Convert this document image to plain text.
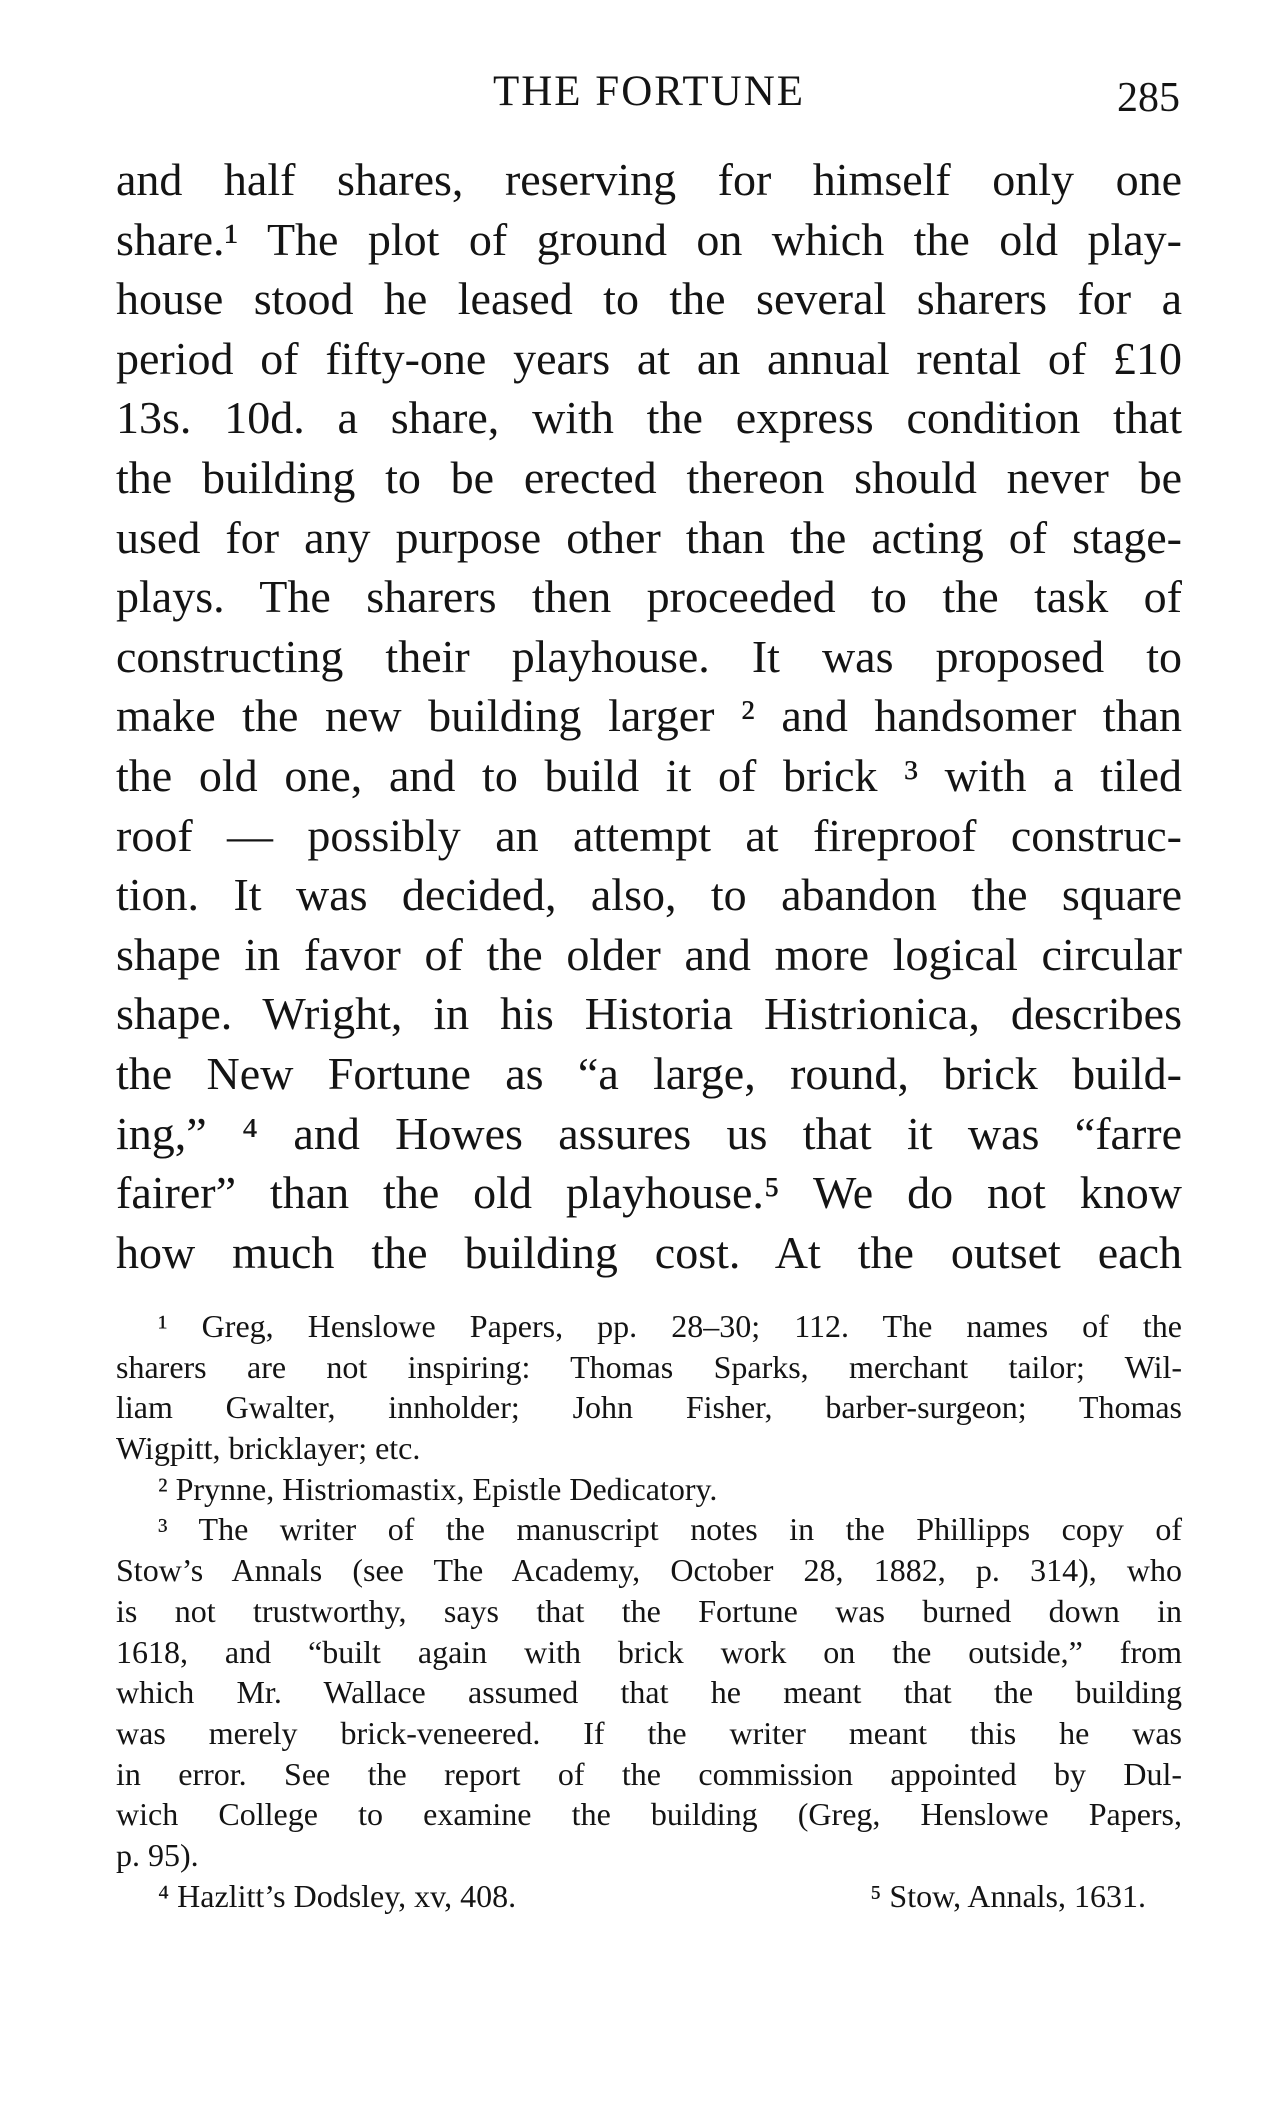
THE FORTUNE	285
and half shares, reserving for himself only one
share.¹ The plot of ground on which the old play-
house stood he leased to the several sharers for a
period of fifty-one years at an annual rental of £10
13s. 10d. a share, with the express condition that
the building to be erected thereon should never be
used for any purpose other than the acting of stage-
plays. The sharers then proceeded to the task of
constructing their playhouse. It was proposed to
make the new building larger ² and handsomer than
the old one, and to build it of brick ³ with a tiled
roof — possibly an attempt at fireproof construc-
tion. It was decided, also, to abandon the square
shape in favor of the older and more logical circular
shape. Wright, in his Historia Histrionica, describes
the New Fortune as “a large, round, brick build-
ing,” ⁴ and Howes assures us that it was “farre
fairer” than the old playhouse.⁵ We do not know
how much the building cost. At the outset each
¹ Greg, Henslowe Papers, pp. 28–30; 112. The names of the
sharers are not inspiring: Thomas Sparks, merchant tailor; Wil-
liam Gwalter, innholder; John Fisher, barber-surgeon; Thomas
Wigpitt, bricklayer; etc.
² Prynne, Histriomastix, Epistle Dedicatory.
³ The writer of the manuscript notes in the Phillipps copy of
Stow’s Annals (see The Academy, October 28, 1882, p. 314), who
is not trustworthy, says that the Fortune was burned down in
1618, and “built again with brick work on the outside,” from
which Mr. Wallace assumed that he meant that the building
was merely brick-veneered. If the writer meant this he was
in error. See the report of the commission appointed by Dul-
wich College to examine the building (Greg, Henslowe Papers,
p. 95).
⁴ Hazlitt’s Dodsley, xv, 408.	⁵ Stow, Annals, 1631.
